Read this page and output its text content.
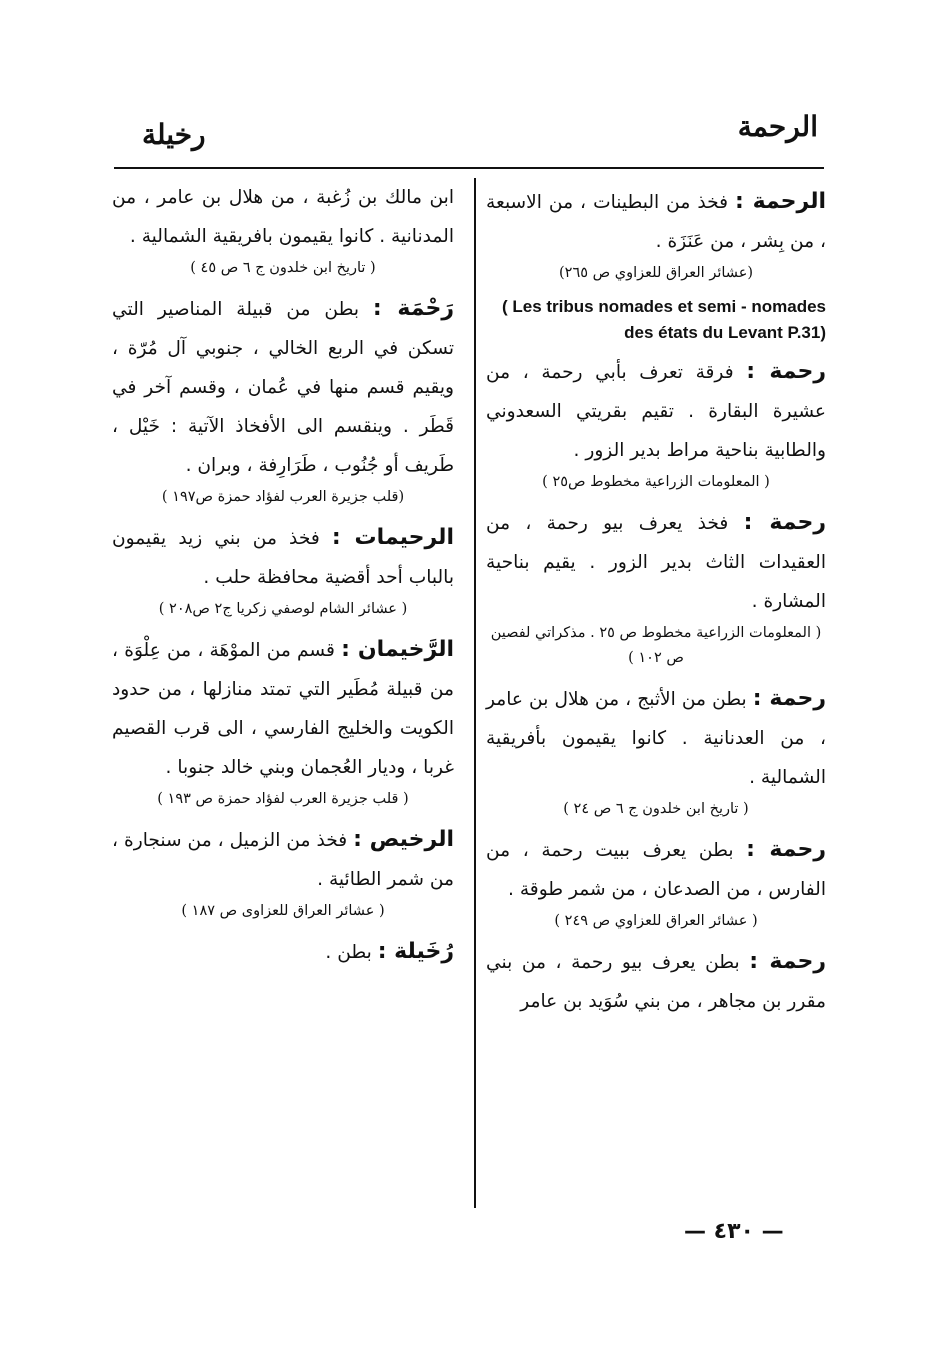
الرحمة
رخيلة

الرحمة : فخذ من البطينات ، من الاسبعة ، من بِشر ، من عَنَزَة .

(عشائر العراق للعزاوي ص ٢٦٥)

( Les tribus nomades et semi - nomades des états du Levant P.31)

رحمة : فرقة تعرف بأبي رحمة ، من عشيرة البقارة . تقيم بقريتي السعدوني والطابية بناحية مراط بدير الزور .

( المعلومات الزراعية مخطوط ص٢٥ )

رحمة : فخذ يعرف بيو رحمة ، من العقيدات الثاث بدير الزور . يقيم بناحية المشارة .

( المعلومات الزراعية مخطوط ص ٢٥ . مذكراتي لفصين ص ١٠٢ )

رحمة : بطن من الأثبج ، من هلال بن عامر ، من العدنانية . كانوا يقيمون بأفريقية الشمالية .

( تاريخ ابن خلدون ج ٦ ص ٢٤ )

رحمة : بطن يعرف ببيت رحمة ، من الفارس ، من الصدعان ، من شمر طوقة .

( عشائر العراق للعزاوي ص ٢٤٩ )

رحمة : بطن يعرف بيو رحمة ، من بني مقرر بن مجاهر ، من بني سُوَيد بن عامر

ابن مالك بن زُغبة ، من هلال بن عامر ، من المدنانية . كانوا يقيمون بافريقية الشمالية .

( تاريخ ابن خلدون ج ٦ ص ٤٥ )

رَحْمَة : بطن من قبيلة المناصير التي تسكن في الربع الخالي ، جنوبي آل مُرّة ، ويقيم قسم منها في عُمان ، وقسم آخر في قَطَر . وينقسم الى الأفخاذ الآتية : خَيْل ، طَريف أو جُنُوب ، طَرَارِفة ، وبران .

(قلب جزيرة العرب لفؤاد حمزة ص١٩٧ )

الرحيمات : فخذ من بني زيد يقيمون بالباب أحد أقضية محافظة حلب .

( عشائر الشام لوصفي زكريا ج٢ ص٢٠٨ )

الرَّخيمان : قسم من الموْهَة ، من عِلْوَة ، من قبيلة مُطَير التي تمتد منازلها ، من حدود الكويت والخليج الفارسي ، الى قرب القصيم غربا ، وديار العُجمان وبني خالد جنوبا .

( قلب جزيرة العرب لفؤاد حمزة ص ١٩٣ )

الرخيص : فخذ من الزميل ، من سنجارة ، من شمر الطائية .

( عشائر العراق للعزاوى ص ١٨٧ )

رُخَيلة : بطن .

— ٤٣٠ —
